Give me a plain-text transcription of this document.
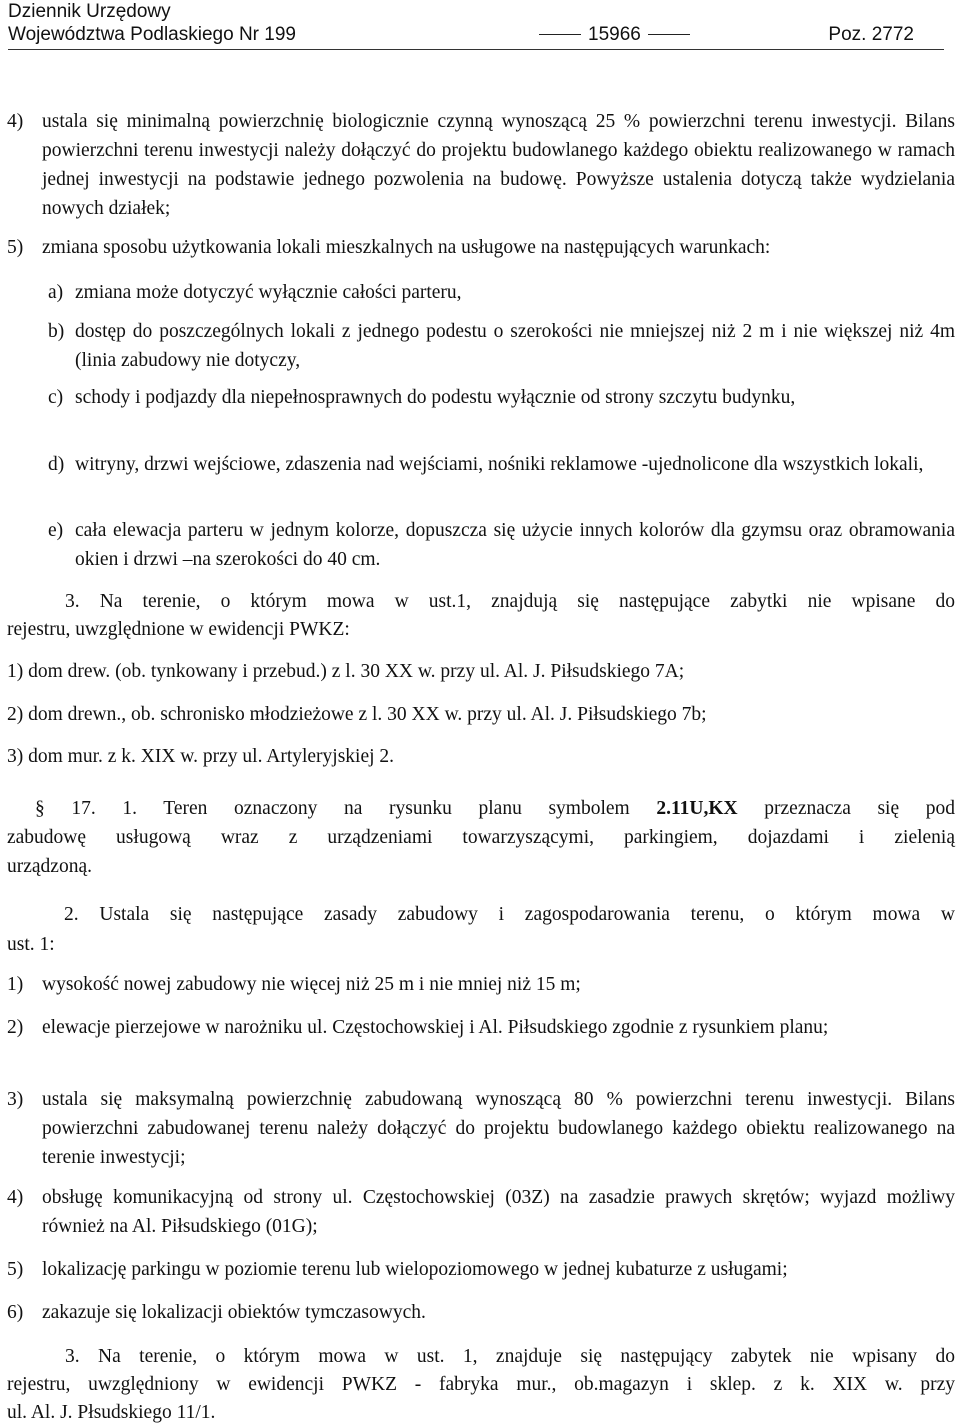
Dziennik Urzędowy
Województwa Podlaskiego Nr 199	15966	Poz. 2772
4) ustala się minimalną powierzchnię biologicznie czynną wynoszącą 25 % powierzchni terenu inwestycji. Bilans powierzchni terenu inwestycji należy dołączyć do projektu budowlanego każdego obiektu realizowanego w ramach jednej inwestycji na podstawie jednego pozwolenia na budowę. Powyższe ustalenia dotyczą także wydzielania nowych działek;
5) zmiana sposobu użytkowania lokali mieszkalnych na usługowe na następujących warunkach:
a) zmiana może dotyczyć wyłącznie całości parteru,
b) dostęp do poszczególnych lokali z jednego podestu o szerokości nie mniejszej niż 2 m i nie większej niż 4m (linia zabudowy nie dotyczy,
c) schody i podjazdy dla niepełnosprawnych do podestu wyłącznie od strony szczytu budynku,
d) witryny, drzwi wejściowe, zdaszenia nad wejściami, nośniki reklamowe -ujednolicone dla wszystkich lokali,
e) cała elewacja parteru w jednym kolorze, dopuszcza się użycie innych kolorów dla gzymsu oraz obramowania okien i drzwi –na szerokości do 40 cm.
3. Na terenie, o którym mowa w ust.1, znajdują się następujące zabytki nie wpisane do
rejestru, uwzględnione w ewidencji PWKZ:
1) dom drew. (ob. tynkowany i przebud.) z l. 30 XX w. przy ul. Al. J. Piłsudskiego 7A;
2) dom drewn., ob. schronisko młodzieżowe z l. 30 XX w. przy ul. Al. J. Piłsudskiego 7b;
3) dom mur. z k. XIX w. przy ul. Artyleryjskiej 2.
§ 17. 1. Teren oznaczony na rysunku planu symbolem 2.11U,KX przeznacza się pod
zabudowę usługową wraz z urządzeniami towarzyszącymi, parkingiem, dojazdami i zielenią
urządzoną.
2. Ustala się następujące zasady zabudowy i zagospodarowania terenu, o którym mowa w
ust. 1:
1) wysokość nowej zabudowy nie więcej niż 25 m i nie mniej niż 15 m;
2) elewacje pierzejowe w narożniku ul. Częstochowskiej i Al. Piłsudskiego zgodnie z rysunkiem planu;
3) ustala się maksymalną powierzchnię zabudowaną wynoszącą 80 % powierzchni terenu inwestycji. Bilans powierzchni zabudowanej terenu należy dołączyć do projektu budowlanego każdego obiektu realizowanego na terenie inwestycji;
4) obsługę komunikacyjną od strony ul. Częstochowskiej (03Z) na zasadzie prawych skrętów; wyjazd możliwy również na Al. Piłsudskiego (01G);
5) lokalizację parkingu w poziomie terenu lub wielopoziomowego w jednej kubaturze z usługami;
6) zakazuje się lokalizacji obiektów tymczasowych.
3. Na terenie, o którym mowa w ust. 1, znajduje się następujący zabytek nie wpisany do
rejestru, uwzględniony w ewidencji PWKZ - fabryka mur., ob.magazyn i sklep. z k. XIX w. przy
ul. Al. J. Płsudskiego 11/1.
